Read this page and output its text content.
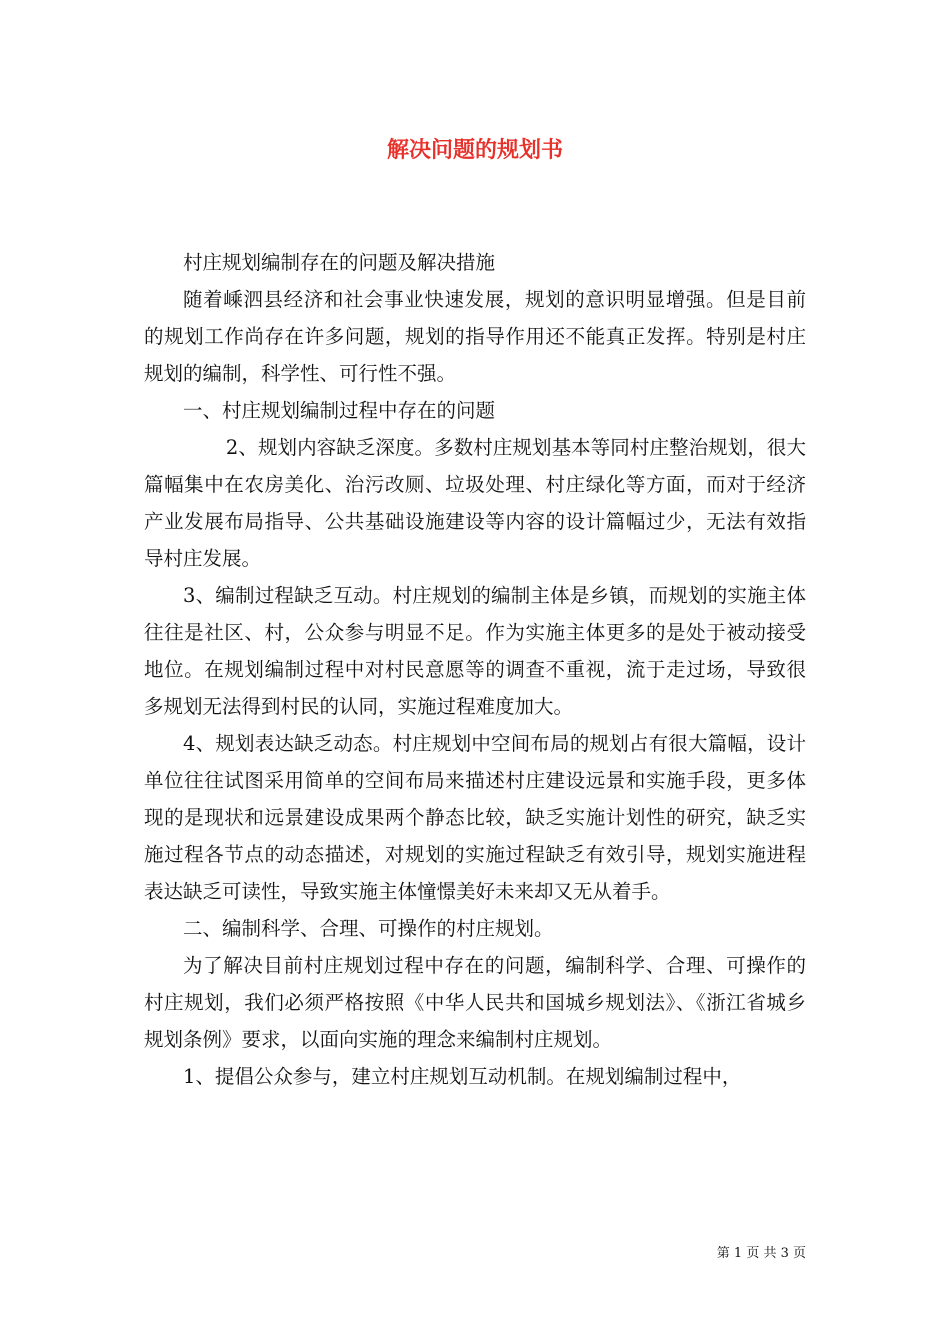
解决问题的规划书

村庄规划编制存在的问题及解决措施

随着嵊泗县经济和社会事业快速发展，规划的意识明显增强。但是目前的规划工作尚存在许多问题，规划的指导作用还不能真正发挥。特别是村庄规划的编制，科学性、可行性不强。

一、村庄规划编制过程中存在的问题

2、规划内容缺乏深度。多数村庄规划基本等同村庄整治规划，很大篇幅集中在农房美化、治污改厕、垃圾处理、村庄绿化等方面，而对于经济产业发展布局指导、公共基础设施建设等内容的设计篇幅过少，无法有效指导村庄发展。

3、编制过程缺乏互动。村庄规划的编制主体是乡镇，而规划的实施主体往往是社区、村，公众参与明显不足。作为实施主体更多的是处于被动接受地位。在规划编制过程中对村民意愿等的调查不重视，流于走过场，导致很多规划无法得到村民的认同，实施过程难度加大。

4、规划表达缺乏动态。村庄规划中空间布局的规划占有很大篇幅，设计单位往往试图采用简单的空间布局来描述村庄建设远景和实施手段，更多体现的是现状和远景建设成果两个静态比较，缺乏实施计划性的研究，缺乏实施过程各节点的动态描述，对规划的实施过程缺乏有效引导，规划实施进程表达缺乏可读性，导致实施主体憧憬美好未来却又无从着手。

二、编制科学、合理、可操作的村庄规划。

为了解决目前村庄规划过程中存在的问题，编制科学、合理、可操作的村庄规划，我们必须严格按照《中华人民共和国城乡规划法》、《浙江省城乡规划条例》要求，以面向实施的理念来编制村庄规划。

1、提倡公众参与，建立村庄规划互动机制。在规划编制过程中，

第 1 页 共 3 页
